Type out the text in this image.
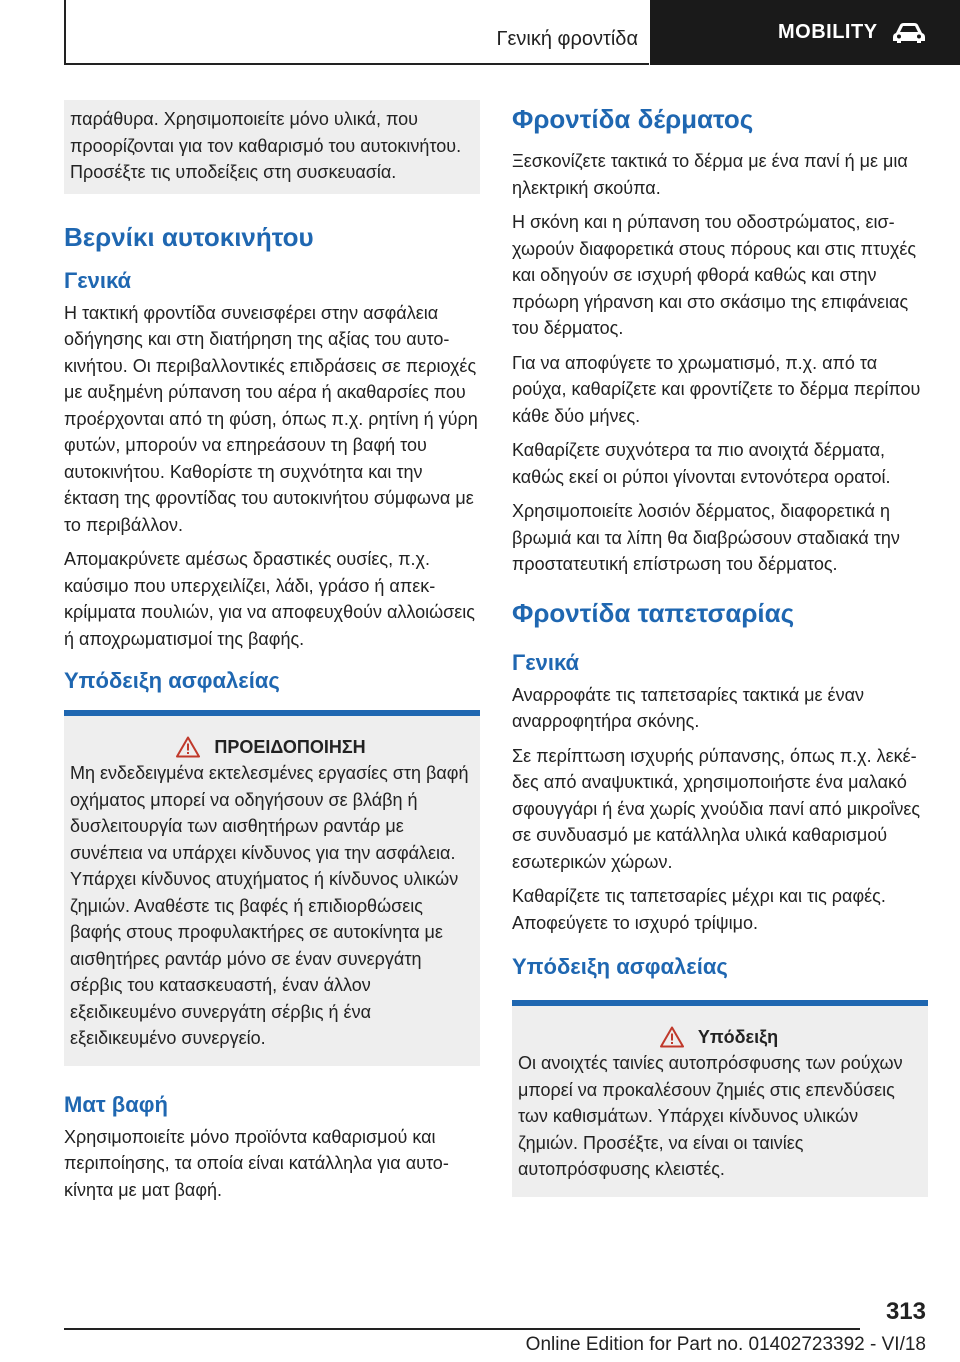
Γενική φροντίδα	MOBILITY

παράθυρα. Χρησιμοποιείτε μόνο υλικά, που προορίζονται για τον καθαρισμό του αυτοκινήτου. Προσέξτε τις υποδείξεις στη συσκευασία.

Βερνίκι αυτοκινήτου
Γενικά

Η τακτική φροντίδα συνεισφέρει στην ασφάλεια οδήγησης και στη διατήρηση της αξίας του αυτοκινήτου. Οι περιβαλλοντικές επιδράσεις σε περιοχές με αυξημένη ρύπανση του αέρα ή ακαθαρσίες που προέρχονται από τη φύση, όπως π.χ. ρητίνη ή γύρη φυτών, μπορούν να επηρεάσουν τη βαφή του αυτοκινήτου. Καθορίστε τη συχνότητα και την έκταση της φροντίδας του αυτοκινήτου σύμφωνα με το περιβάλλον.

Απομακρύνετε αμέσως δραστικές ουσίες, π.χ. καύσιμο που υπερχειλίζει, λάδι, γράσο ή απεκκρίμματα πουλιών, για να αποφευχθούν αλλοιώσεις ή αποχρωματισμοί της βαφής.

Υπόδειξη ασφαλείας
ΠΡΟΕΙΔΟΠΟΙΗΣΗ

Μη ενδεδειγμένα εκτελεσμένες εργασίες στη βαφή οχήματος μπορεί να οδηγήσουν σε βλάβη ή δυσλειτουργία των αισθητήρων ραντάρ με συνέπεια να υπάρχει κίνδυνος για την ασφάλεια. Υπάρχει κίνδυνος ατυχήματος ή κίνδυνος υλικών ζημιών. Αναθέστε τις βαφές ή επιδιορθώσεις βαφής στους προφυλακτήρες σε αυτοκίνητα με αισθητήρες ραντάρ μόνο σε έναν συνεργάτη σέρβις του κατασκευαστή, έναν άλλον εξειδικευμένο συνεργάτη σέρβις ή ένα εξειδικευμένο συνεργείο.

Ματ βαφή

Χρησιμοποιείτε μόνο προϊόντα καθαρισμού και περιποίησης, τα οποία είναι κατάλληλα για αυτοκίνητα με ματ βαφή.

Φροντίδα δέρματος

Ξεσκονίζετε τακτικά το δέρμα με ένα πανί ή με μια ηλεκτρική σκούπα.

Η σκόνη και η ρύπανση του οδοστρώματος, εισχωρούν διαφορετικά στους πόρους και στις πτυχές και οδηγούν σε ισχυρή φθορά καθώς και στην πρόωρη γήρανση και στο σκάσιμο της επιφάνειας του δέρματος.

Για να αποφύγετε το χρωματισμό, π.χ. από τα ρούχα, καθαρίζετε και φροντίζετε το δέρμα περίπου κάθε δύο μήνες.

Καθαρίζετε συχνότερα τα πιο ανοιχτά δέρματα, καθώς εκεί οι ρύποι γίνονται εντονότερα ορατοί.

Χρησιμοποιείτε λοσιόν δέρματος, διαφορετικά η βρωμιά και τα λίπη θα διαβρώσουν σταδιακά την προστατευτική επίστρωση του δέρματος.

Φροντίδα ταπετσαρίας
Γενικά

Αναρροφάτε τις ταπετσαρίες τακτικά με έναν αναρροφητήρα σκόνης.

Σε περίπτωση ισχυρής ρύπανσης, όπως π.χ. λεκέδες από αναψυκτικά, χρησιμοποιήστε ένα μαλακό σφουγγάρι ή ένα χωρίς χνούδια πανί από μικροΐνες σε συνδυασμό με κατάλληλα υλικά καθαρισμού εσωτερικών χώρων.

Καθαρίζετε τις ταπετσαρίες μέχρι και τις ραφές. Αποφεύγετε το ισχυρό τρίψιμο.

Υπόδειξη ασφαλείας
Υπόδειξη

Οι ανοιχτές ταινίες αυτοπρόσφυσης των ρούχων μπορεί να προκαλέσουν ζημιές στις επενδύσεις των καθισμάτων. Υπάρχει κίνδυνος υλικών ζημιών. Προσέξτε, να είναι οι ταινίες αυτοπρόσφυσης κλειστές.

313
Online Edition for Part no. 01402723392 - VI/18
